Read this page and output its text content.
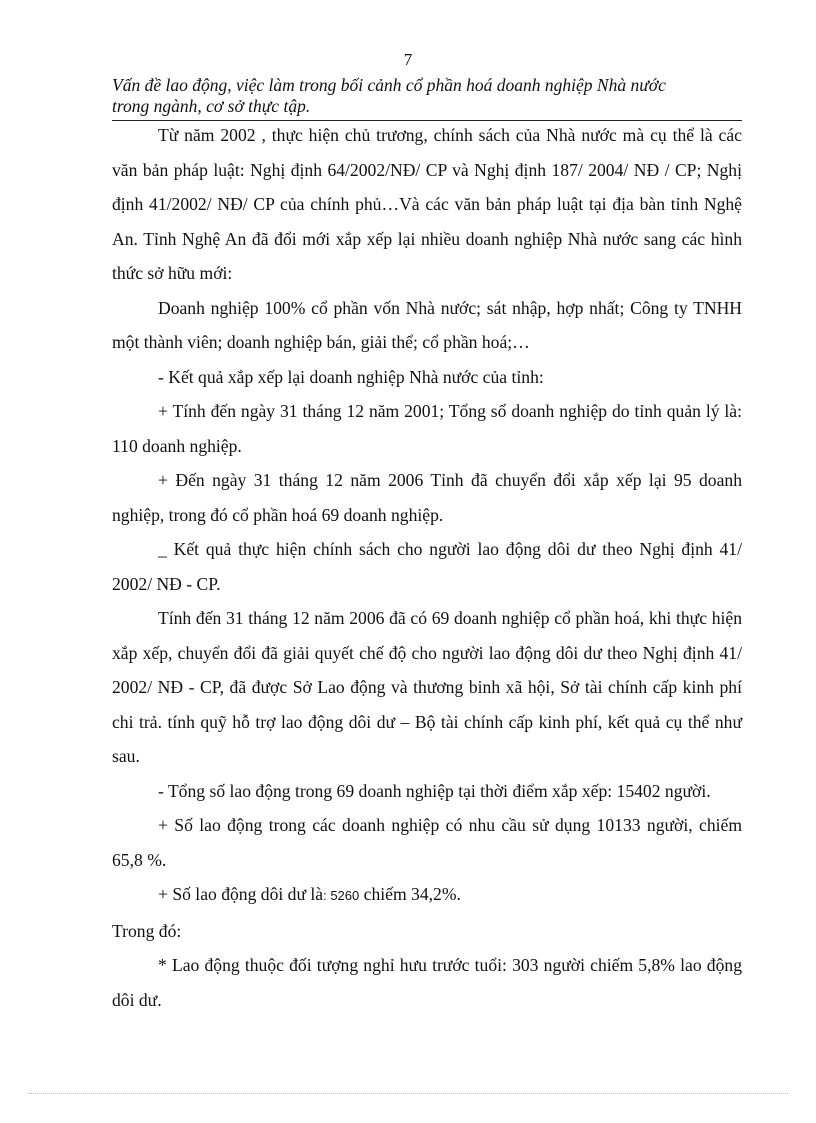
7
Vấn đề lao động, việc làm trong bối cảnh cổ phần hoá doanh nghiệp Nhà nước
trong ngành, cơ sở thực tập.

Từ năm 2002 , thực hiện chủ trương, chính sách của Nhà nước mà cụ thể là các văn bản pháp luật: Nghị định 64/2002/NĐ/ CP và Nghị định 187/ 2004/ NĐ / CP; Nghị định 41/2002/ NĐ/ CP của chính phủ…Và các văn bản pháp luật tại địa bàn tỉnh Nghệ An. Tỉnh Nghệ An đã đổi mới xắp xếp lại nhiều doanh nghiệp Nhà nước sang các hình thức sở hữu mới:

Doanh nghiệp 100% cổ phần vốn Nhà nước; sát nhập, hợp nhất; Công ty TNHH một thành viên; doanh nghiệp bán, giải thể; cổ phần hoá;…

- Kết quả xắp xếp lại doanh nghiệp Nhà nước của tỉnh:

+ Tính đến ngày 31 tháng 12 năm 2001; Tổng số doanh nghiệp do tỉnh quản lý là: 110 doanh nghiệp.

+ Đến ngày 31 tháng 12 năm 2006 Tỉnh đã chuyển đổi xắp xếp lại 95 doanh nghiệp, trong đó cổ phần hoá 69 doanh nghiệp.

_ Kết quả thực hiện chính sách cho người lao động dôi dư theo Nghị định 41/ 2002/ NĐ - CP.

Tính đến 31 tháng 12 năm 2006 đã có 69 doanh nghiệp cổ phần hoá, khi thực hiện xắp xếp, chuyển đổi đã giải quyết chế độ cho người lao động dôi dư theo Nghị định 41/ 2002/ NĐ - CP, đã được Sở Lao động và thương binh xã hội, Sở tài chính cấp kinh phí chi trả. tính quỹ hỗ trợ lao động dôi dư – Bộ tài chính cấp kinh phí, kết quả cụ thể như sau.

- Tổng số lao động trong 69 doanh nghiệp tại thời điểm xắp xếp: 15402 người.

+ Số lao động trong các doanh nghiệp có nhu cầu sử dụng 10133 người, chiếm 65,8 %.

+ Số lao động dôi dư là: 5260 chiếm 34,2%.

Trong đó:

* Lao động thuộc đối tượng nghỉ hưu trước tuổi: 303 người chiếm 5,8% lao động dôi dư.
